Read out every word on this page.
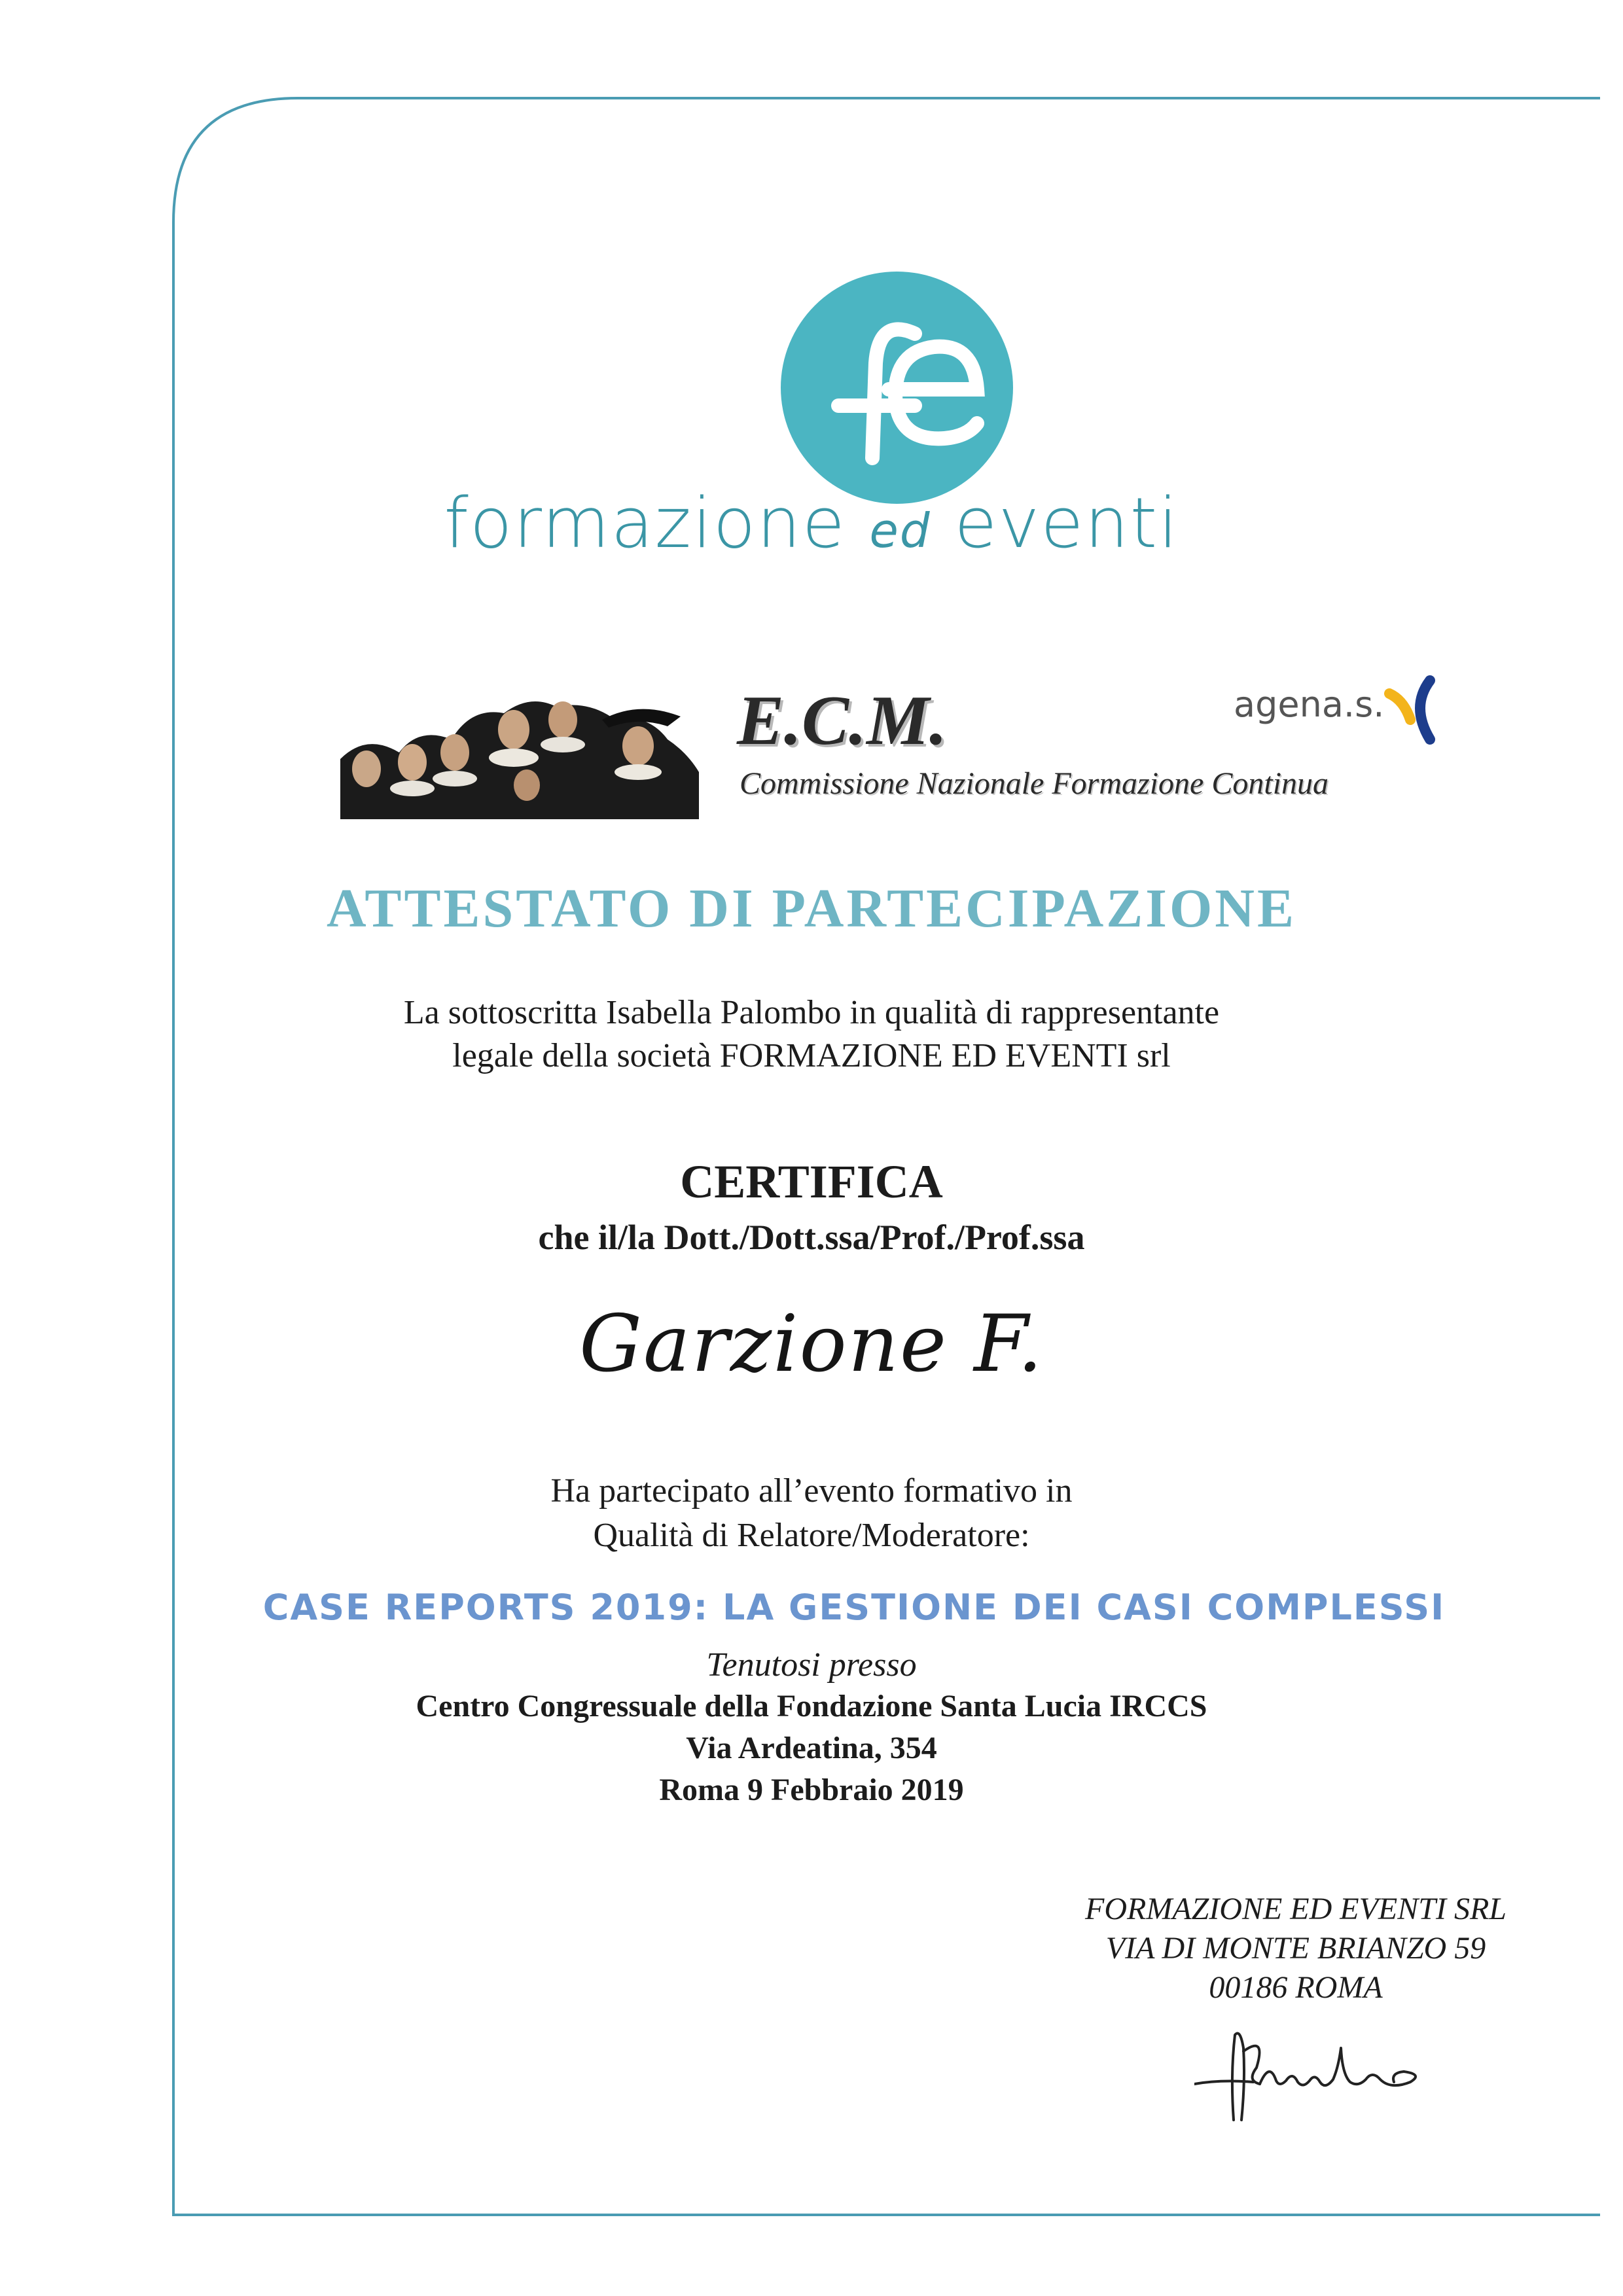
formazione ed eventi
E.C.M.
Commissione Nazionale Formazione Continua
agena.s.
ATTESTATO DI PARTECIPAZIONE
La sottoscritta Isabella Palombo in qualità di rappresentante
legale della società FORMAZIONE ED EVENTI srl
CERTIFICA
che il/la Dott./Dott.ssa/Prof./Prof.ssa
Garzione F.
Ha partecipato all’evento formativo in
Qualità di Relatore/Moderatore:
CASE REPORTS 2019: LA GESTIONE DEI CASI COMPLESSI
Tenutosi presso
Centro Congressuale della Fondazione Santa Lucia IRCCS
Via Ardeatina, 354
Roma 9 Febbraio 2019
FORMAZIONE ED EVENTI SRL
VIA DI MONTE BRIANZO 59
00186 ROMA
